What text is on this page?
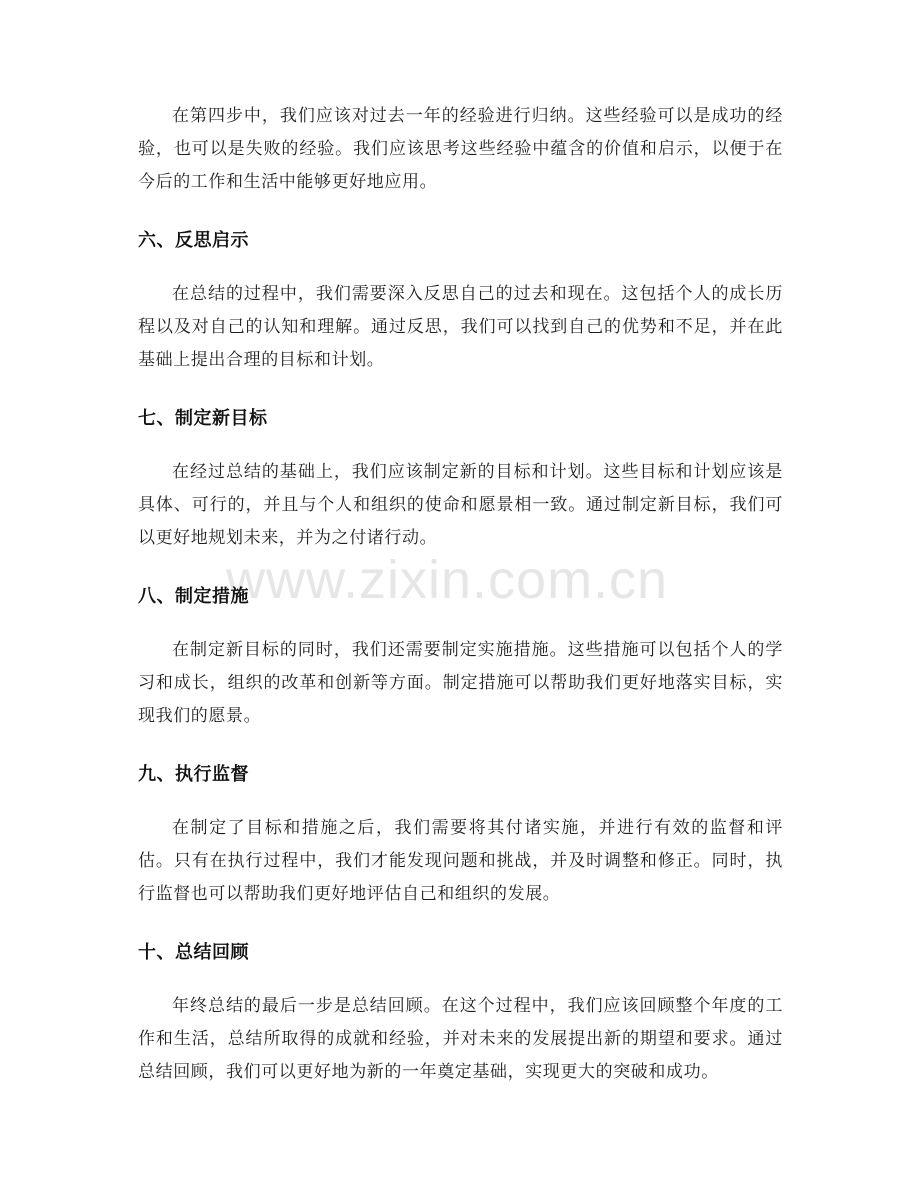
www.zixin.com.cn

在第四步中，我们应该对过去一年的经验进行归纳。这些经验可以是成功的经验，也可以是失败的经验。我们应该思考这些经验中蕴含的价值和启示，以便于在今后的工作和生活中能够更好地应用。

六、反思启示

在总结的过程中，我们需要深入反思自己的过去和现在。这包括个人的成长历程以及对自己的认知和理解。通过反思，我们可以找到自己的优势和不足，并在此基础上提出合理的目标和计划。

七、制定新目标

在经过总结的基础上，我们应该制定新的目标和计划。这些目标和计划应该是具体、可行的，并且与个人和组织的使命和愿景相一致。通过制定新目标，我们可以更好地规划未来，并为之付诸行动。

八、制定措施

在制定新目标的同时，我们还需要制定实施措施。这些措施可以包括个人的学习和成长，组织的改革和创新等方面。制定措施可以帮助我们更好地落实目标，实现我们的愿景。

九、执行监督

在制定了目标和措施之后，我们需要将其付诸实施，并进行有效的监督和评估。只有在执行过程中，我们才能发现问题和挑战，并及时调整和修正。同时，执行监督也可以帮助我们更好地评估自己和组织的发展。

十、总结回顾

年终总结的最后一步是总结回顾。在这个过程中，我们应该回顾整个年度的工作和生活，总结所取得的成就和经验，并对未来的发展提出新的期望和要求。通过总结回顾，我们可以更好地为新的一年奠定基础，实现更大的突破和成功。
